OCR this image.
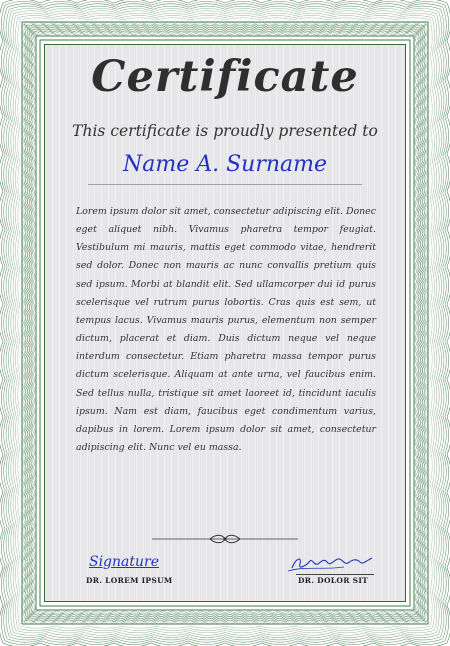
Certificate
This certificate is proudly presented to
Name A. Surname

Lorem ipsum dolor sit amet, consectetur adipiscing elit. Donec eget aliquet nibh. Vivamus pharetra tempor feugiat. Vestibulum mi mauris, mattis eget commodo vitae, hendrerit sed dolor. Donec non mauris ac nunc convallis pretium quis sed ipsum. Morbi at blandit elit. Sed ullamcorper dui id purus scelerisque vel rutrum purus lobortis. Cras quis est sem, ut tempus lacus. Vivamus mauris purus, elementum non semper dictum, placerat et diam. Duis dictum neque vel neque interdum consectetur. Etiam pharetra massa tempor purus dictum scelerisque. Aliquam at ante urna, vel faucibus enim. Sed tellus nulla, tristique sit amet laoreet id, tincidunt iaculis ipsum. Nam est diam, faucibus eget condimentum varius, dapibus in lorem. Lorem ipsum dolor sit amet, consectetur adipiscing elit. Nunc vel eu massa.

Signature
DR. LOREM IPSUM	DR. DOLOR SIT
